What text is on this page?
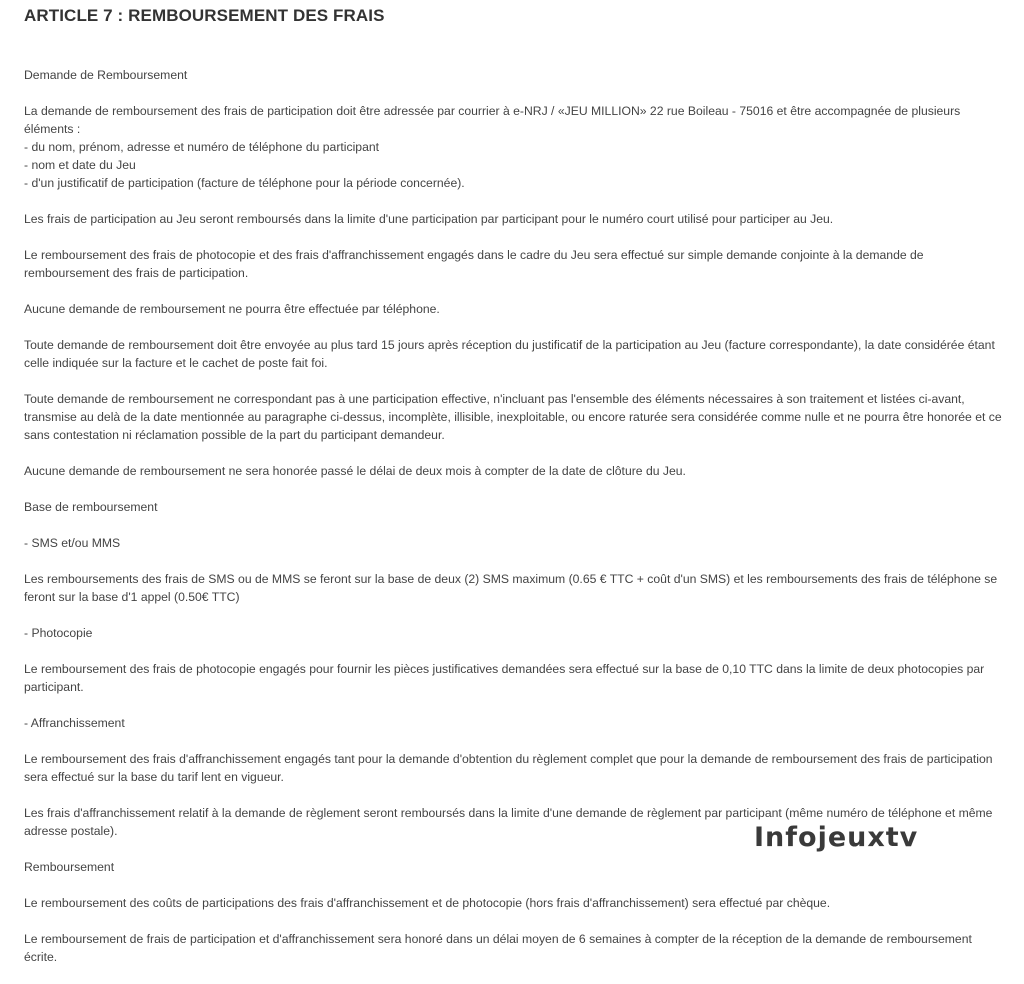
ARTICLE 7 : REMBOURSEMENT DES FRAIS

Demande de Remboursement

La demande de remboursement des frais de participation doit être adressée par courrier à e-NRJ / «JEU MILLION» 22 rue Boileau - 75016 et être accompagnée de plusieurs éléments :
- du nom, prénom, adresse et numéro de téléphone du participant
- nom et date du Jeu
- d'un justificatif de participation (facture de téléphone pour la période concernée).

Les frais de participation au Jeu seront remboursés dans la limite d'une participation par participant pour le numéro court utilisé pour participer au Jeu.

Le remboursement des frais de photocopie et des frais d'affranchissement engagés dans le cadre du Jeu sera effectué sur simple demande conjointe à la demande de remboursement des frais de participation.

Aucune demande de remboursement ne pourra être effectuée par téléphone.

Toute demande de remboursement doit être envoyée au plus tard 15 jours après réception du justificatif de la participation au Jeu (facture correspondante), la date considérée étant celle indiquée sur la facture et le cachet de poste fait foi.

Toute demande de remboursement ne correspondant pas à une participation effective, n'incluant pas l'ensemble des éléments nécessaires à son traitement et listées ci-avant, transmise au delà de la date mentionnée au paragraphe ci-dessus, incomplète, illisible, inexploitable, ou encore raturée sera considérée comme nulle et ne pourra être honorée et ce sans contestation ni réclamation possible de la part du participant demandeur.

Aucune demande de remboursement ne sera honorée passé le délai de deux mois à compter de la date de clôture du Jeu.

Base de remboursement

- SMS et/ou MMS

Les remboursements des frais de SMS ou de MMS se feront sur la base de deux (2) SMS maximum (0.65 € TTC + coût d'un SMS) et les remboursements des frais de téléphone se feront sur la base d'1 appel (0.50€ TTC)

- Photocopie

Le remboursement des frais de photocopie engagés pour fournir les pièces justificatives demandées sera effectué sur la base de 0,10 TTC dans la limite de deux photocopies par participant.

- Affranchissement

Le remboursement des frais d'affranchissement engagés tant pour la demande d'obtention du règlement complet que pour la demande de remboursement des frais de participation sera effectué sur la base du tarif lent en vigueur.

Les frais d'affranchissement relatif à la demande de règlement seront remboursés dans la limite d'une demande de règlement par participant (même numéro de téléphone et même adresse postale).

Remboursement

Le remboursement des coûts de participations des frais d'affranchissement et de photocopie (hors frais d'affranchissement) sera effectué par chèque.

Le remboursement de frais de participation et d'affranchissement sera honoré dans un délai moyen de 6 semaines à compter de la réception de la demande de remboursement écrite.

Infojeuxtv
